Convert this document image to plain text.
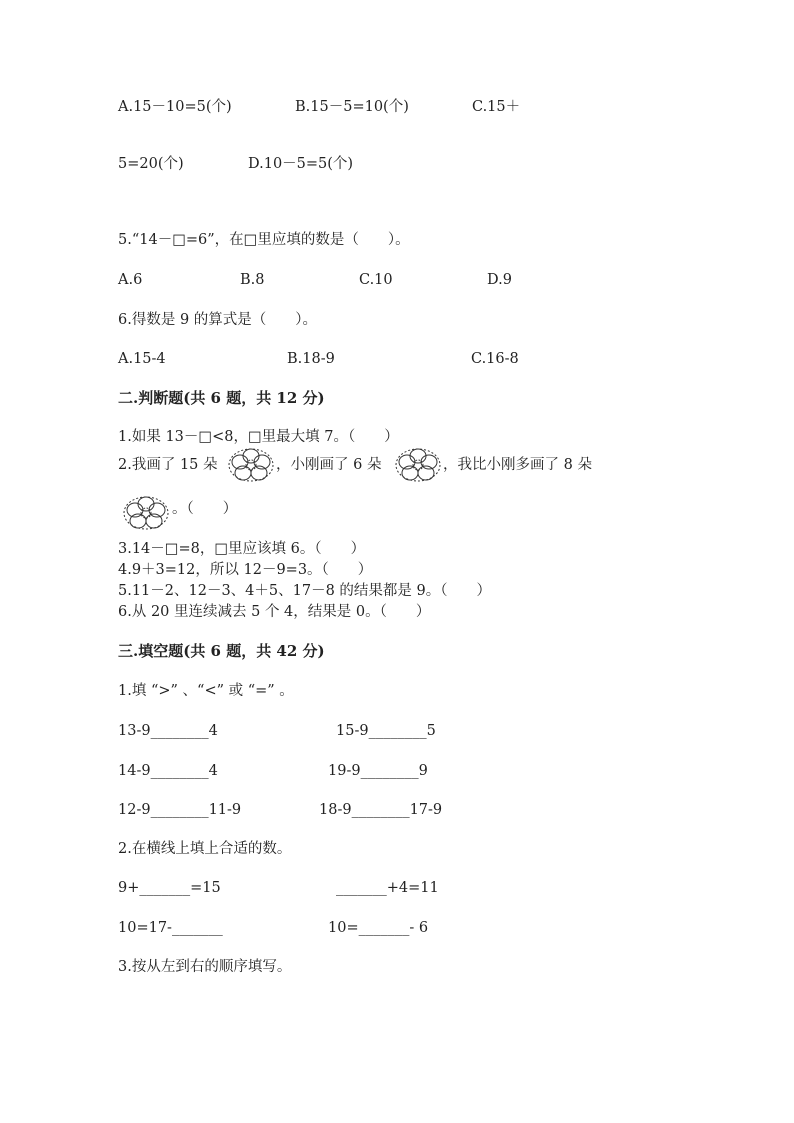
A.15－10=5(个)	B.15－5=10(个)	C.15＋
5=20(个)	D.10－5=5(个)
5.“14－□=6”，在□里应填的数是（　　）。
A.6	B.8	C.10	D.9
6.得数是 9 的算式是（　　）。
A.15-4	B.18-9	C.16-8
二.判断题(共 6 题，共 12 分)
1.如果 13－□<8，□里最大填 7。（　　）
2.我画了 15 朵	，小刚画了 6 朵	，我比小刚多画了 8 朵
。（　　）
3.14－□=8，□里应该填 6。（　　）
4.9＋3=12，所以 12－9=3。（　　）
5.11－2、12－3、4＋5、17－8 的结果都是 9。（　　）
6.从 20 里连续减去 5 个 4，结果是 0。（　　）
三.填空题(共 6 题，共 42 分)
1.填 “>” 、“<” 或 “=” 。
13-9________4	15-9________5
14-9________4	19-9________9
12-9________11-9	18-9________17-9
2.在横线上填上合适的数。
9+_______=15	_______+4=11
10=17-_______	10=_______- 6
3.按从左到右的顺序填写。
